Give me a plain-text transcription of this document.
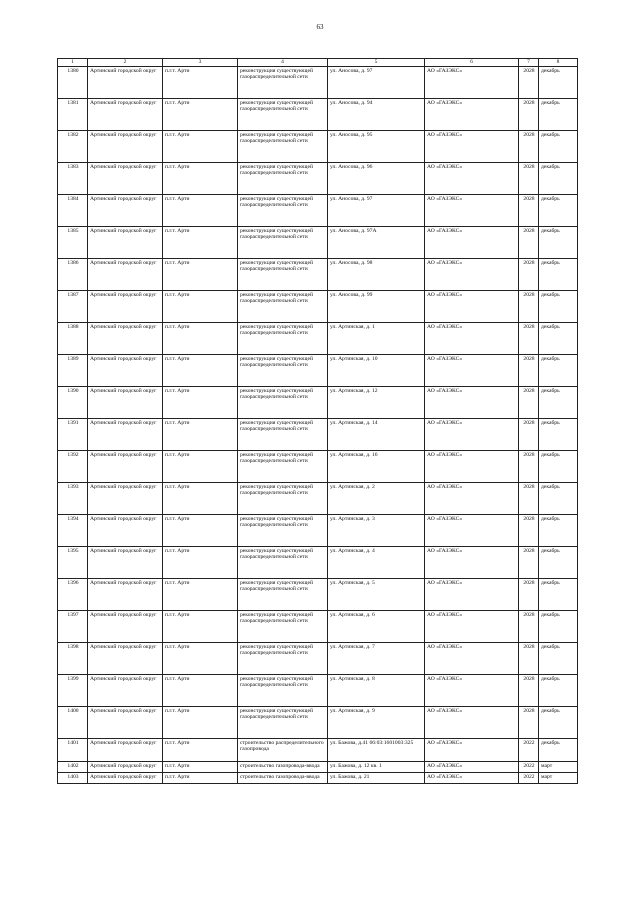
63
1	2	3	4	5	6	7	8
1380	Артинский городской округ	п.г.т. Арти	реконструкция существующей газораспределительной сети	ул. Аносова, д. 97	АО «ГАЗЭКС»	2028	декабрь
1381	Артинский городской округ	п.г.т. Арти	реконструкция существующей газораспределительной сети	ул. Аносова, д. 94	АО «ГАЗЭКС»	2028	декабрь
1382	Артинский городской округ	п.г.т. Арти	реконструкция существующей газораспределительной сети	ул. Аносова, д. 95	АО «ГАЗЭКС»	2028	декабрь
1383	Артинский городской округ	п.г.т. Арти	реконструкция существующей газораспределительной сети	ул. Аносова, д. 96	АО «ГАЗЭКС»	2028	декабрь
1384	Артинский городской округ	п.г.т. Арти	реконструкция существующей газораспределительной сети	ул. Аносова, д. 97	АО «ГАЗЭКС»	2028	декабрь
1385	Артинский городской округ	п.г.т. Арти	реконструкция существующей газораспределительной сети	ул. Аносова, д. 97А	АО «ГАЗЭКС»	2028	декабрь
1386	Артинский городской округ	п.г.т. Арти	реконструкция существующей газораспределительной сети	ул. Аносова, д. 98	АО «ГАЗЭКС»	2028	декабрь
1387	Артинский городской округ	п.г.т. Арти	реконструкция существующей газораспределительной сети	ул. Аносова, д. 99	АО «ГАЗЭКС»	2028	декабрь
1388	Артинский городской округ	п.г.т. Арти	реконструкция существующей газораспределительной сети	ул. Артинская, д. 1	АО «ГАЗЭКС»	2028	декабрь
1389	Артинский городской округ	п.г.т. Арти	реконструкция существующей газораспределительной сети	ул. Артинская, д. 10	АО «ГАЗЭКС»	2028	декабрь
1390	Артинский городской округ	п.г.т. Арти	реконструкция существующей газораспределительной сети	ул. Артинская, д. 12	АО «ГАЗЭКС»	2028	декабрь
1391	Артинский городской округ	п.г.т. Арти	реконструкция существующей газораспределительной сети	ул. Артинская, д. 14	АО «ГАЗЭКС»	2028	декабрь
1392	Артинский городской округ	п.г.т. Арти	реконструкция существующей газораспределительной сети	ул. Артинская, д. 16	АО «ГАЗЭКС»	2028	декабрь
1393	Артинский городской округ	п.г.т. Арти	реконструкция существующей газораспределительной сети	ул. Артинская, д. 2	АО «ГАЗЭКС»	2028	декабрь
1394	Артинский городской округ	п.г.т. Арти	реконструкция существующей газораспределительной сети	ул. Артинская, д. 3	АО «ГАЗЭКС»	2028	декабрь
1395	Артинский городской округ	п.г.т. Арти	реконструкция существующей газораспределительной сети	ул. Артинская, д. 4	АО «ГАЗЭКС»	2028	декабрь
1396	Артинский городской округ	п.г.т. Арти	реконструкция существующей газораспределительной сети	ул. Артинская, д. 5	АО «ГАЗЭКС»	2028	декабрь
1397	Артинский городской округ	п.г.т. Арти	реконструкция существующей газораспределительной сети	ул. Артинская, д. 6	АО «ГАЗЭКС»	2028	декабрь
1398	Артинский городской округ	п.г.т. Арти	реконструкция существующей газораспределительной сети	ул. Артинская, д. 7	АО «ГАЗЭКС»	2028	декабрь
1399	Артинский городской округ	п.г.т. Арти	реконструкция существующей газораспределительной сети	ул. Артинская, д. 8	АО «ГАЗЭКС»	2028	декабрь
1400	Артинский городской округ	п.г.т. Арти	реконструкция существующей газораспределительной сети	ул. Артинская, д. 9	АО «ГАЗЭКС»	2028	декабрь
1401	Артинский городской округ	п.г.т. Арти	строительство распределительного газопровода	ул. Бажова, д.41 66:03:1601003:325	АО «ГАЗЭКС»	2022	декабрь
1402	Артинский городской округ	п.г.т. Арти	строительство газопровода-ввода	ул. Бажова, д. 12 кв. 1	АО «ГАЗЭКС»	2022	март
1403	Артинский городской округ	п.г.т. Арти	строительство газопровода-ввода	ул. Бажова, д. 21	АО «ГАЗЭКС»	2022	март
